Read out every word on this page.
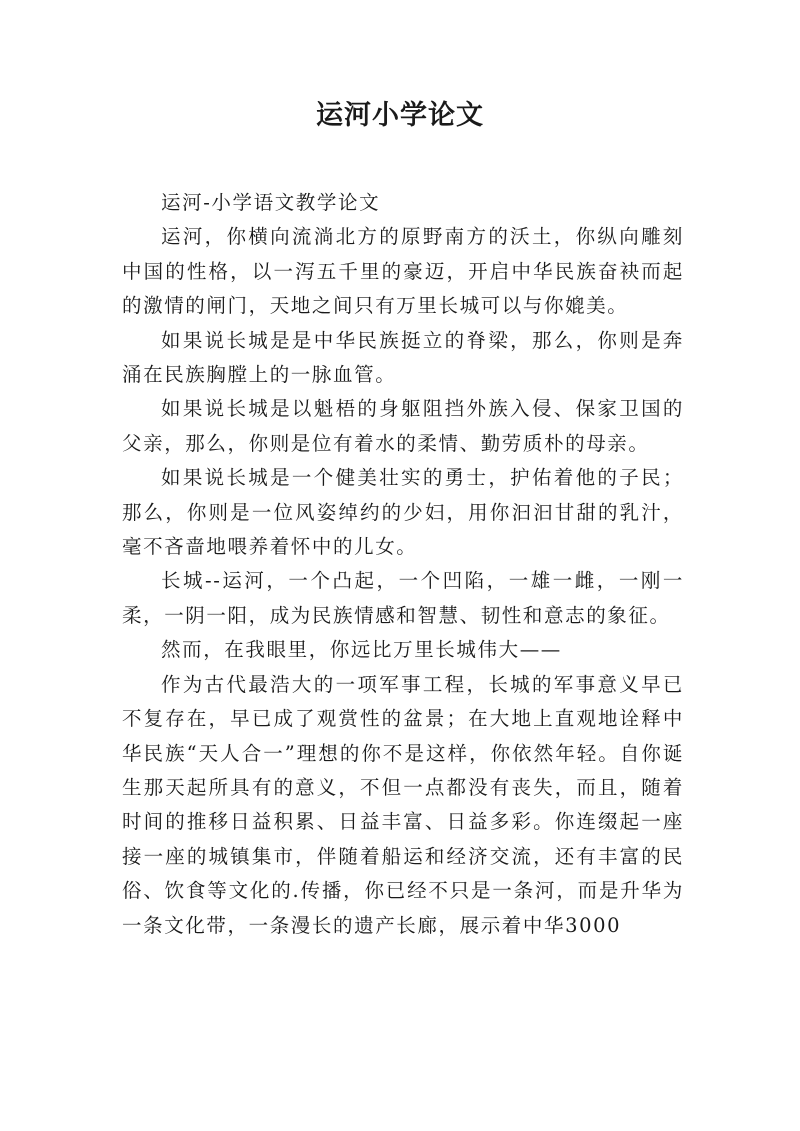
运河小学论文

运河-小学语文教学论文

运河，你横向流淌北方的原野南方的沃土，你纵向雕刻中国的性格，以一泻五千里的豪迈，开启中华民族奋袂而起的激情的闸门，天地之间只有万里长城可以与你媲美。

如果说长城是是中华民族挺立的脊梁，那么，你则是奔涌在民族胸膛上的一脉血管。

如果说长城是以魁梧的身躯阻挡外族入侵、保家卫国的父亲，那么，你则是位有着水的柔情、勤劳质朴的母亲。

如果说长城是一个健美壮实的勇士，护佑着他的子民；那么，你则是一位风姿绰约的少妇，用你汩汩甘甜的乳汁，毫不吝啬地喂养着怀中的儿女。

长城--运河，一个凸起，一个凹陷，一雄一雌，一刚一柔，一阴一阳，成为民族情感和智慧、韧性和意志的象征。

然而，在我眼里，你远比万里长城伟大——

作为古代最浩大的一项军事工程，长城的军事意义早已不复存在，早已成了观赏性的盆景；在大地上直观地诠释中华民族“天人合一”理想的你不是这样，你依然年轻。自你诞生那天起所具有的意义，不但一点都没有丧失，而且，随着时间的推移日益积累、日益丰富、日益多彩。你连缀起一座接一座的城镇集市，伴随着船运和经济交流，还有丰富的民俗、饮食等文化的.传播，你已经不只是一条河，而是升华为一条文化带，一条漫长的遗产长廊，展示着中华3000
